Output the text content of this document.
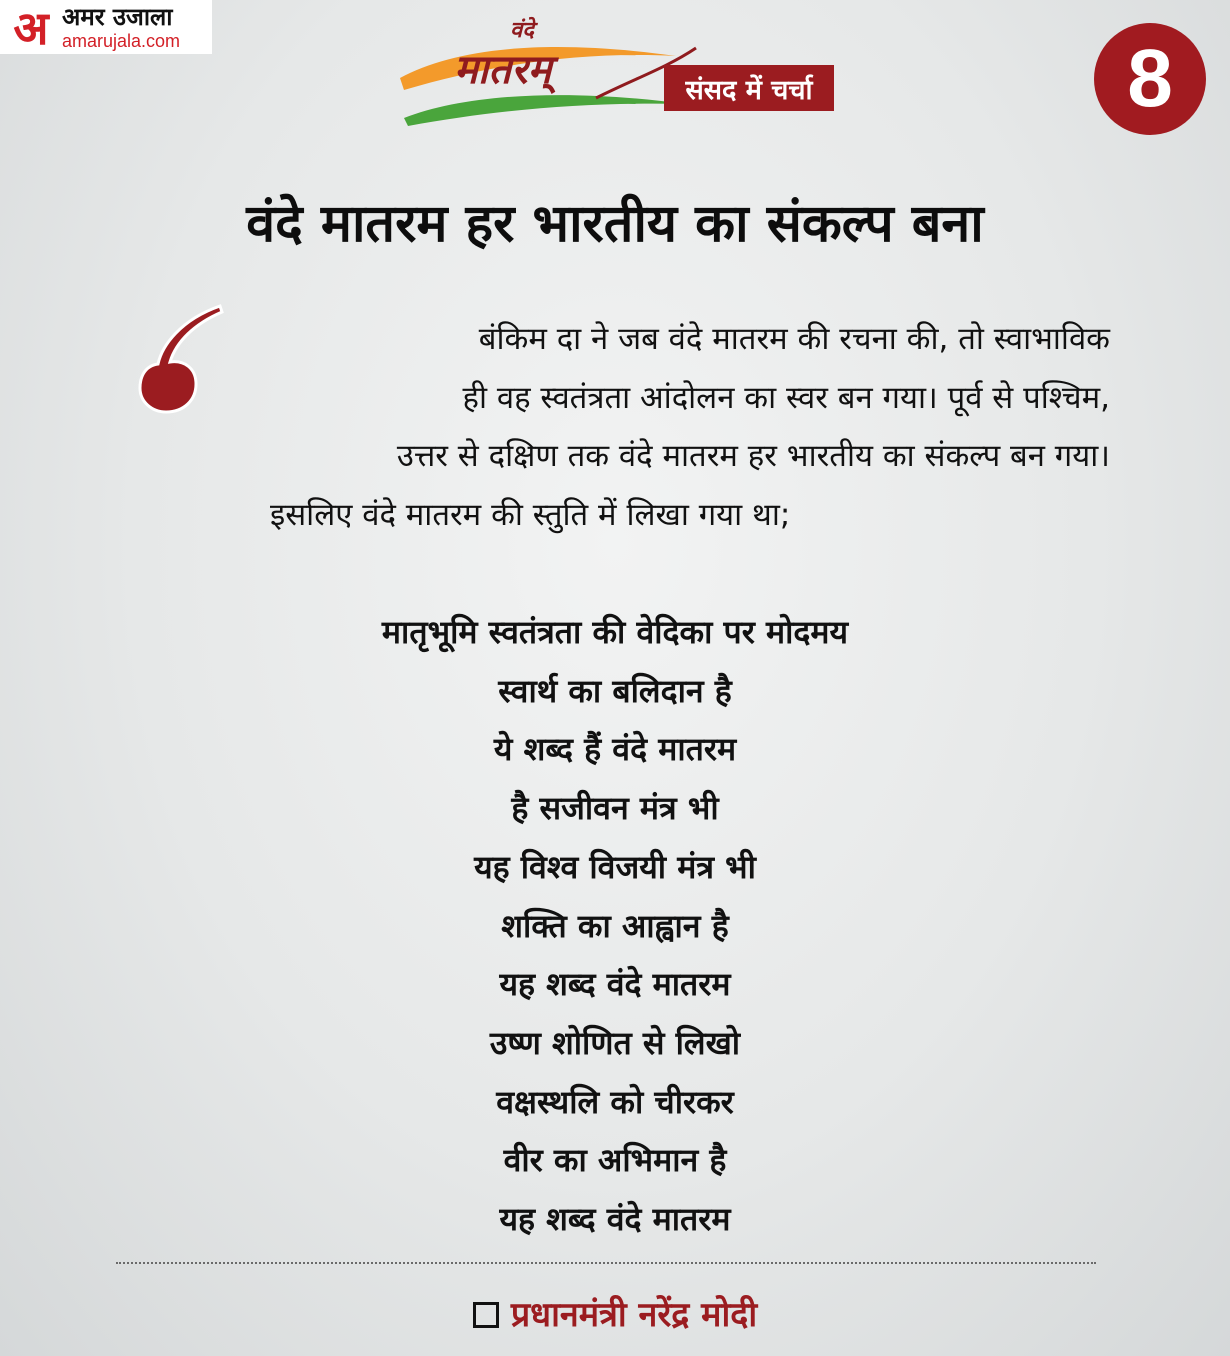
अ अमर उजाला
amarujala.com	वंदे
मातरम्	संसद में चर्चा	8
वंदे मातरम हर भारतीय का संकल्प बना
बंकिम दा ने जब वंदे मातरम की रचना की, तो स्वाभाविक
ही वह स्वतंत्रता आंदोलन का स्वर बन गया। पूर्व से पश्चिम,
उत्तर से दक्षिण तक वंदे मातरम हर भारतीय का संकल्प बन गया।
इसलिए वंदे मातरम की स्तुति में लिखा गया था;
मातृभूमि स्वतंत्रता की वेदिका पर मोदमय
स्वार्थ का बलिदान है
ये शब्द हैं वंदे मातरम
है सजीवन मंत्र भी
यह विश्व विजयी मंत्र भी
शक्ति का आह्वान है
यह शब्द वंदे मातरम
उष्ण शोणित से लिखो
वक्षस्थलि को चीरकर
वीर का अभिमान है
यह शब्द वंदे मातरम
प्रधानमंत्री नरेंद्र मोदी
